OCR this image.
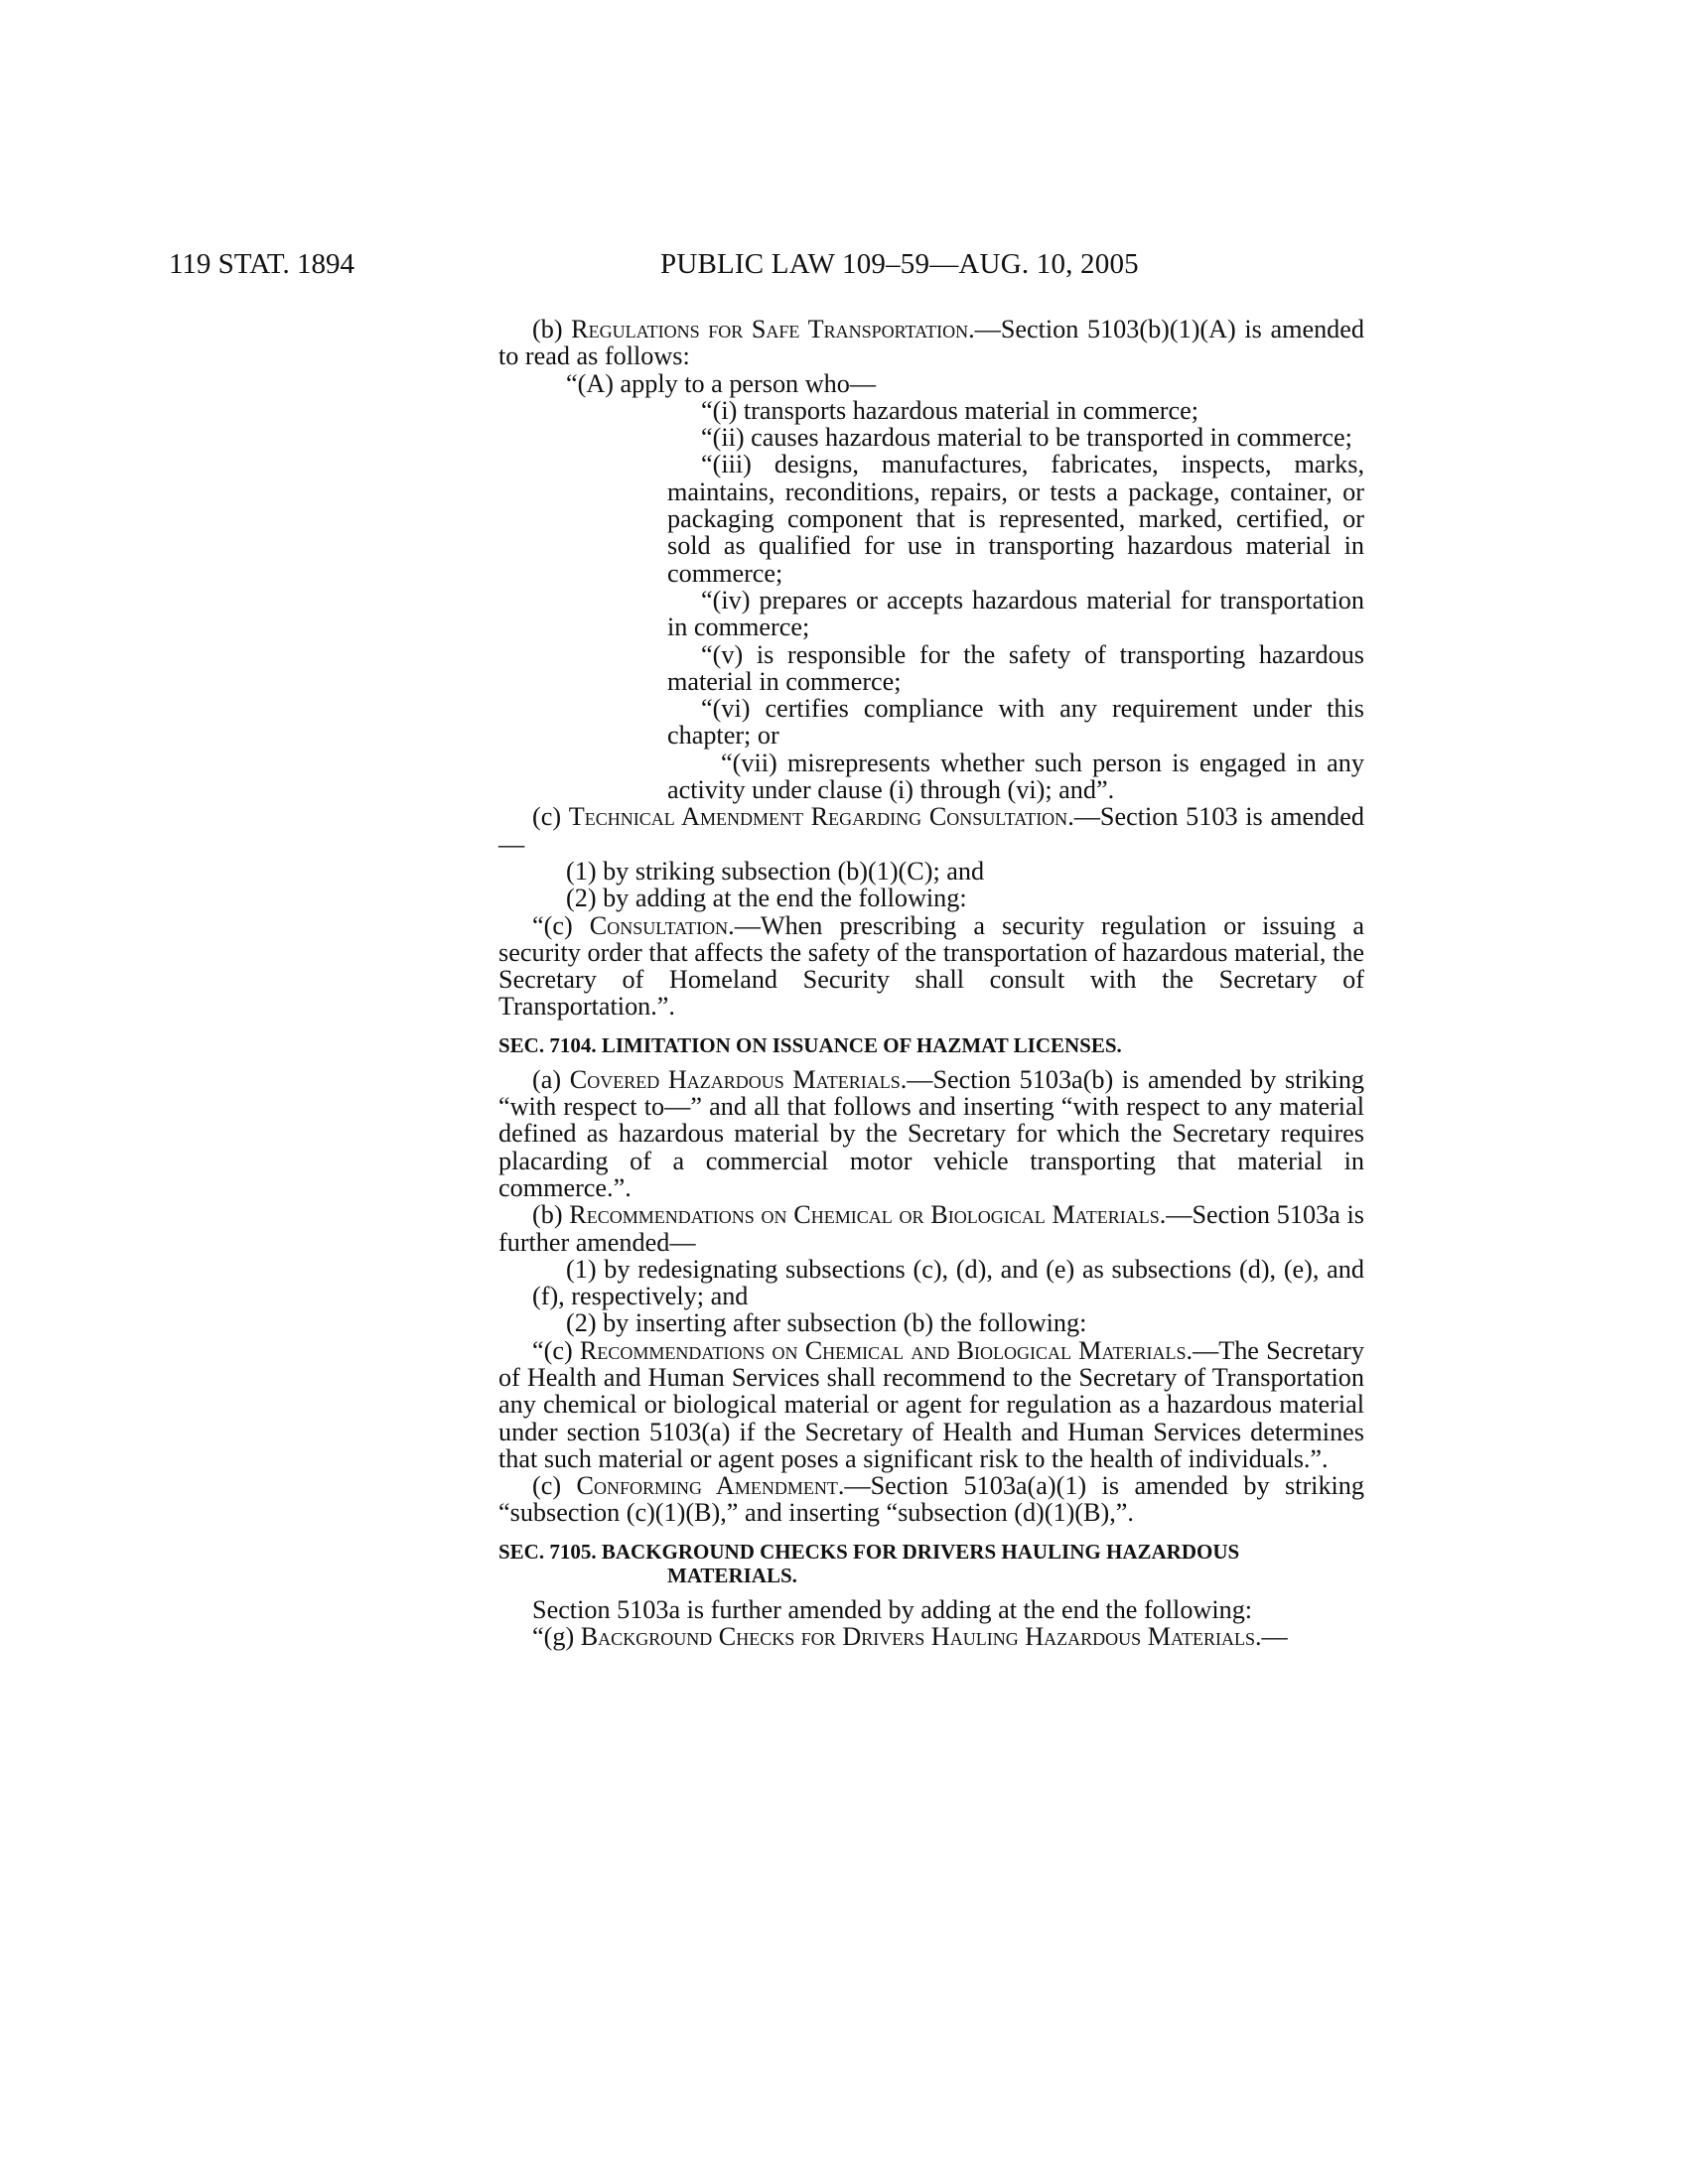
119 STAT. 1894	PUBLIC LAW 109–59—AUG. 10, 2005

(b) Regulations for Safe Transportation.—Section 5103(b)(1)(A) is amended to read as follows:

“(A) apply to a person who—

“(i) transports hazardous material in commerce;

“(ii) causes hazardous material to be transported in commerce;

“(iii) designs, manufactures, fabricates, inspects, marks, maintains, reconditions, repairs, or tests a package, container, or packaging component that is represented, marked, certified, or sold as qualified for use in transporting hazardous material in commerce;

“(iv) prepares or accepts hazardous material for transportation in commerce;

“(v) is responsible for the safety of transporting hazardous material in commerce;

“(vi) certifies compliance with any requirement under this chapter; or

“(vii) misrepresents whether such person is engaged in any activity under clause (i) through (vi); and”.

(c) Technical Amendment Regarding Consultation.—Section 5103 is amended—

(1) by striking subsection (b)(1)(C); and

(2) by adding at the end the following:

“(c) Consultation.—When prescribing a security regulation or issuing a security order that affects the safety of the transportation of hazardous material, the Secretary of Homeland Security shall consult with the Secretary of Transportation.”.

SEC. 7104. LIMITATION ON ISSUANCE OF HAZMAT LICENSES.

(a) Covered Hazardous Materials.—Section 5103a(b) is amended by striking “with respect to—” and all that follows and inserting “with respect to any material defined as hazardous material by the Secretary for which the Secretary requires placarding of a commercial motor vehicle transporting that material in commerce.”.

(b) Recommendations on Chemical or Biological Materials.—Section 5103a is further amended—

(1) by redesignating subsections (c), (d), and (e) as subsections (d), (e), and (f), respectively; and

(2) by inserting after subsection (b) the following:

“(c) Recommendations on Chemical and Biological Materials.—The Secretary of Health and Human Services shall recommend to the Secretary of Transportation any chemical or biological material or agent for regulation as a hazardous material under section 5103(a) if the Secretary of Health and Human Services determines that such material or agent poses a significant risk to the health of individuals.”.

(c) Conforming Amendment.—Section 5103a(a)(1) is amended by striking “subsection (c)(1)(B),” and inserting “subsection (d)(1)(B),”.

SEC. 7105. BACKGROUND CHECKS FOR DRIVERS HAULING HAZARDOUS MATERIALS.

Section 5103a is further amended by adding at the end the following:

“(g) Background Checks for Drivers Hauling Hazardous Materials.—
